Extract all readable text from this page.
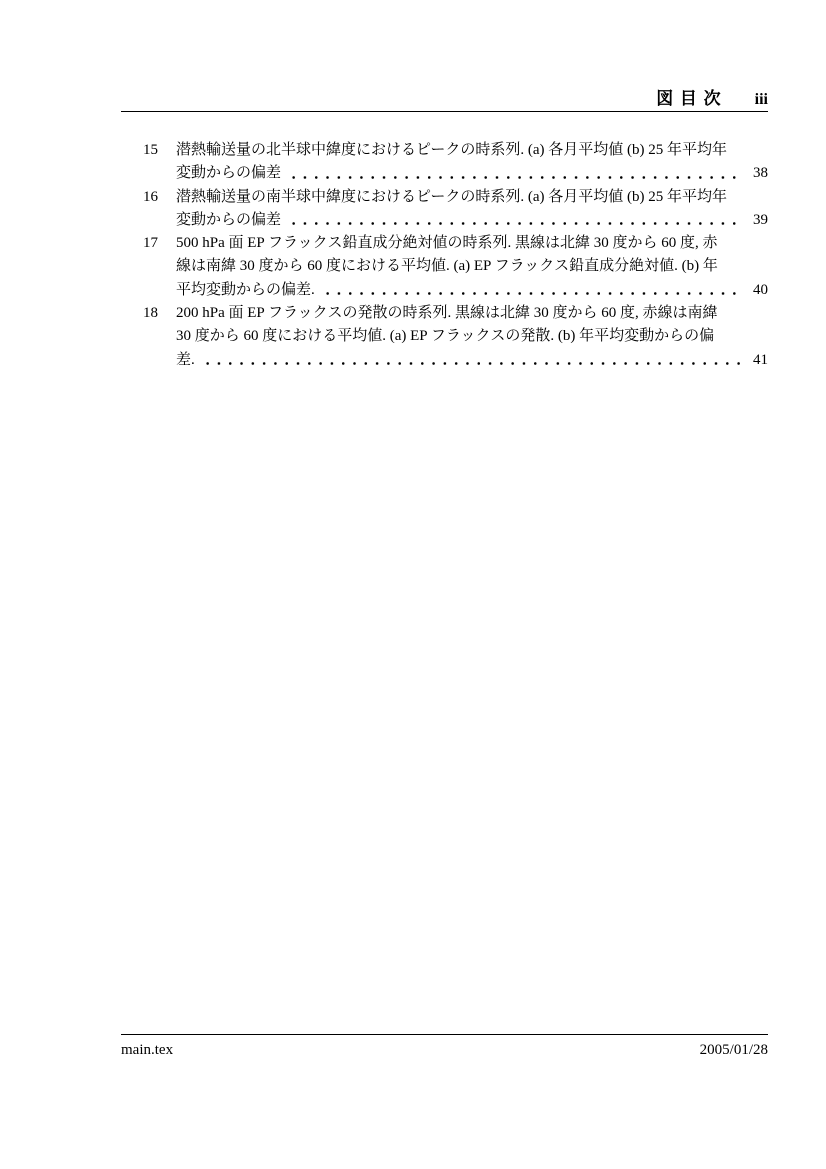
図 目 次 iii
15	潜熱輸送量の北半球中緯度におけるピークの時系列. (a) 各月平均値 (b) 25 年平均年
変動からの偏差	38
16	潜熱輸送量の南半球中緯度におけるピークの時系列. (a) 各月平均値 (b) 25 年平均年
変動からの偏差	39
17	500 hPa 面 EP フラックス鉛直成分絶対値の時系列. 黒線は北緯 30 度から 60 度, 赤
線は南緯 30 度から 60 度における平均値. (a) EP フラックス鉛直成分絶対値. (b) 年
平均変動からの偏差.	40
18	200 hPa 面 EP フラックスの発散の時系列. 黒線は北緯 30 度から 60 度, 赤線は南緯
30 度から 60 度における平均値. (a) EP フラックスの発散. (b) 年平均変動からの偏
差.	41
main.tex	2005/01/28
